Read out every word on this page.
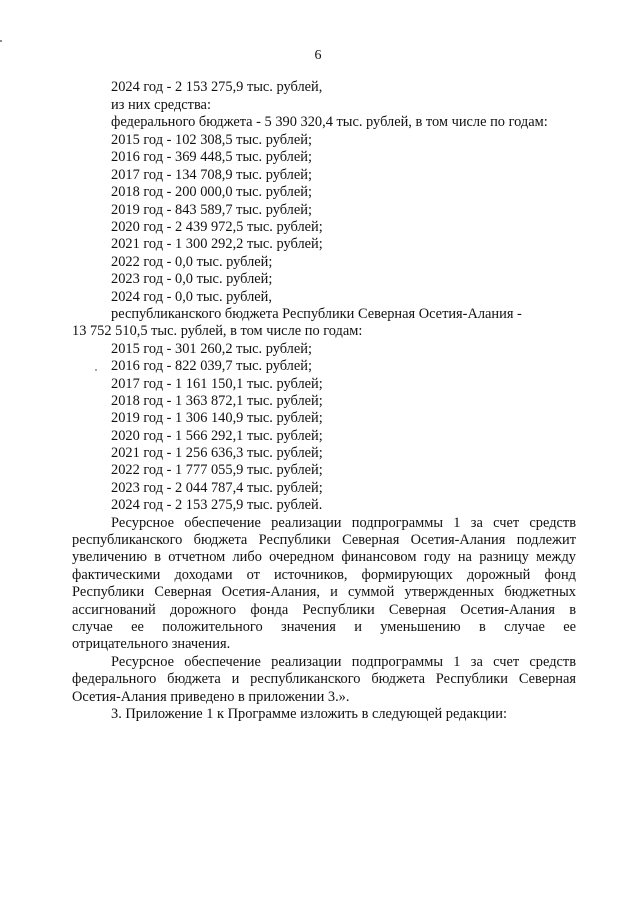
6
2024 год - 2 153 275,9 тыс. рублей,
из них средства:
федерального бюджета - 5 390 320,4 тыс. рублей, в том числе по годам:
2015 год - 102 308,5 тыс. рублей;
2016 год - 369 448,5 тыс. рублей;
2017 год - 134 708,9 тыс. рублей;
2018 год - 200 000,0 тыс. рублей;
2019 год - 843 589,7 тыс. рублей;
2020 год - 2 439 972,5 тыс. рублей;
2021 год - 1 300 292,2 тыс. рублей;
2022 год - 0,0 тыс. рублей;
2023 год - 0,0 тыс. рублей;
2024 год - 0,0 тыс. рублей,
республиканского бюджета Республики Северная Осетия-Алания -
13 752 510,5 тыс. рублей, в том числе по годам:
2015 год - 301 260,2 тыс. рублей;
2016 год - 822 039,7 тыс. рублей;
2017 год - 1 161 150,1 тыс. рублей;
2018 год - 1 363 872,1 тыс. рублей;
2019 год - 1 306 140,9 тыс. рублей;
2020 год - 1 566 292,1 тыс. рублей;
2021 год - 1 256 636,3 тыс. рублей;
2022 год - 1 777 055,9 тыс. рублей;
2023 год - 2 044 787,4 тыс. рублей;
2024 год - 2 153 275,9 тыс. рублей.
Ресурсное обеспечение реализации подпрограммы 1 за счет средств
республиканского бюджета Республики Северная Осетия-Алания подлежит
увеличению в отчетном либо очередном финансовом году на разницу между
фактическими доходами от источников, формирующих дорожный фонд
Республики Северная Осетия-Алания, и суммой утвержденных бюджетных
ассигнований дорожного фонда Республики Северная Осетия-Алания в
случае ее положительного значения и уменьшению в случае ее
отрицательного значения.
Ресурсное обеспечение реализации подпрограммы 1 за счет средств
федерального бюджета и республиканского бюджета Республики Северная
Осетия-Алания приведено в приложении 3.».
3. Приложение 1 к Программе изложить в следующей редакции:
